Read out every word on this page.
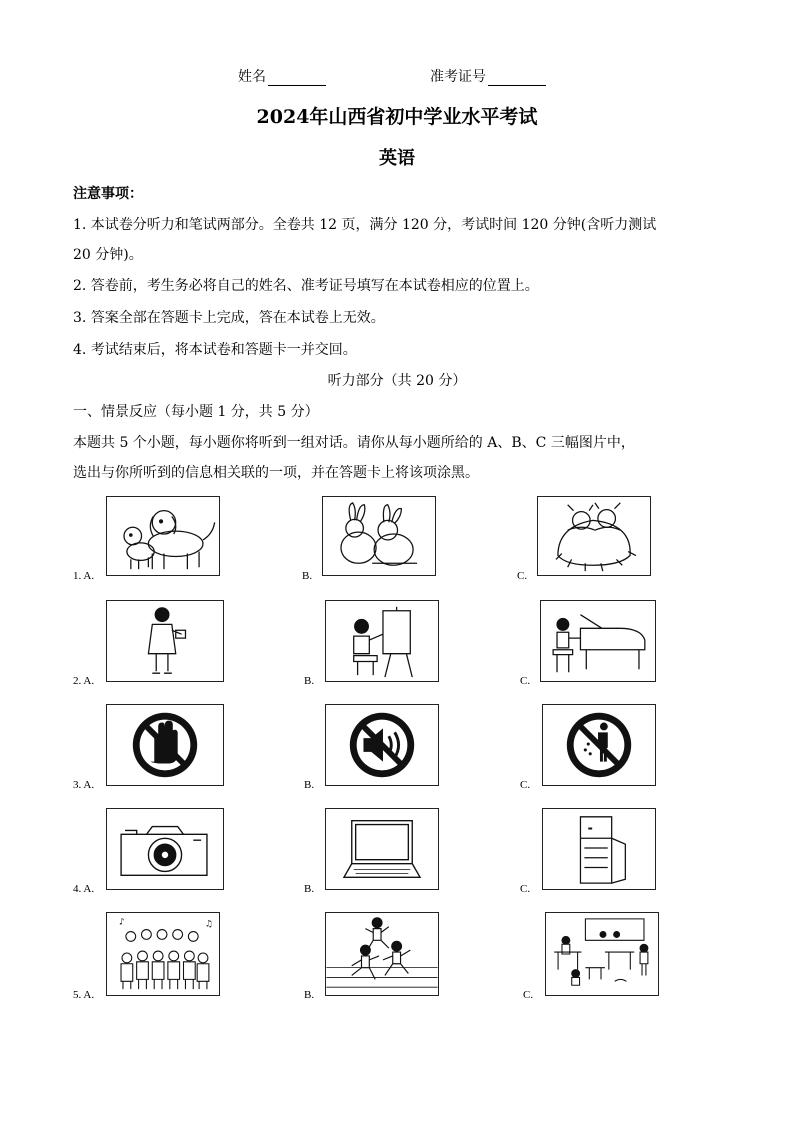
姓名	准考证号
2024年山西省初中学业水平考试
英语
注意事项：
1. 本试卷分听力和笔试两部分。全卷共 12 页，满分 120 分，考试时间 120 分钟(含听力测试
20 分钟)。
2. 答卷前，考生务必将自己的姓名、准考证号填写在本试卷相应的位置上。
3. 答案全部在答题卡上完成，答在本试卷上无效。
4. 考试结束后，将本试卷和答题卡一并交回。
听力部分（共 20 分）
一、情景反应（每小题 1 分，共 5 分）
本题共 5 个小题，每小题你将听到一组对话。请你从每小题所给的 A、B、C 三幅图片中，
选出与你所听到的信息相关联的一项，并在答题卡上将该项涂黑。
1. A.	B.	C.
2. A.	B.	C.
3. A.	B.	C.
4. A.	B.	C.
♪	♫
5. A.	B.	C.
